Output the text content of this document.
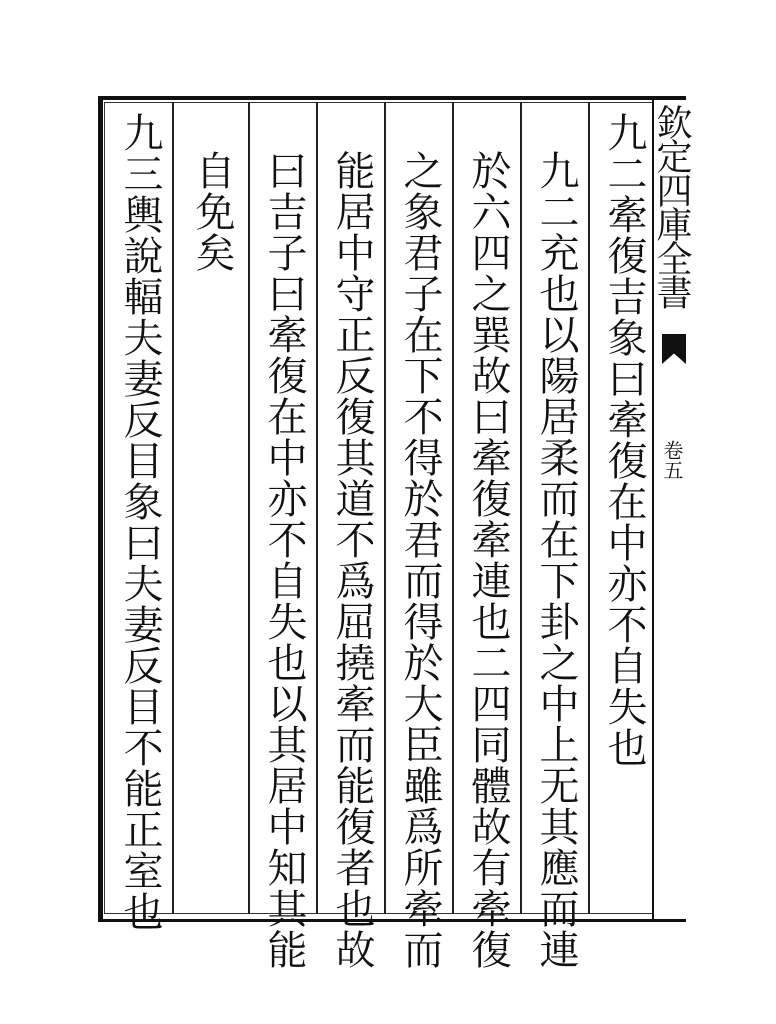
九二牽復吉象曰牽復在中亦不自失也
九二充也以陽居柔而在下卦之中上无其應而連
於六四之巽故曰牽復牽連也二四同體故有牽復
之象君子在下不得於君而得於大臣雖爲所牽而
能居中守正反復其道不爲屈撓牽而能復者也故
曰吉子曰牽復在中亦不自失也以其居中知其能
自免矣
九三輿說輻夫妻反目象曰夫妻反目不能正室也	欽定四庫全書
卷五
